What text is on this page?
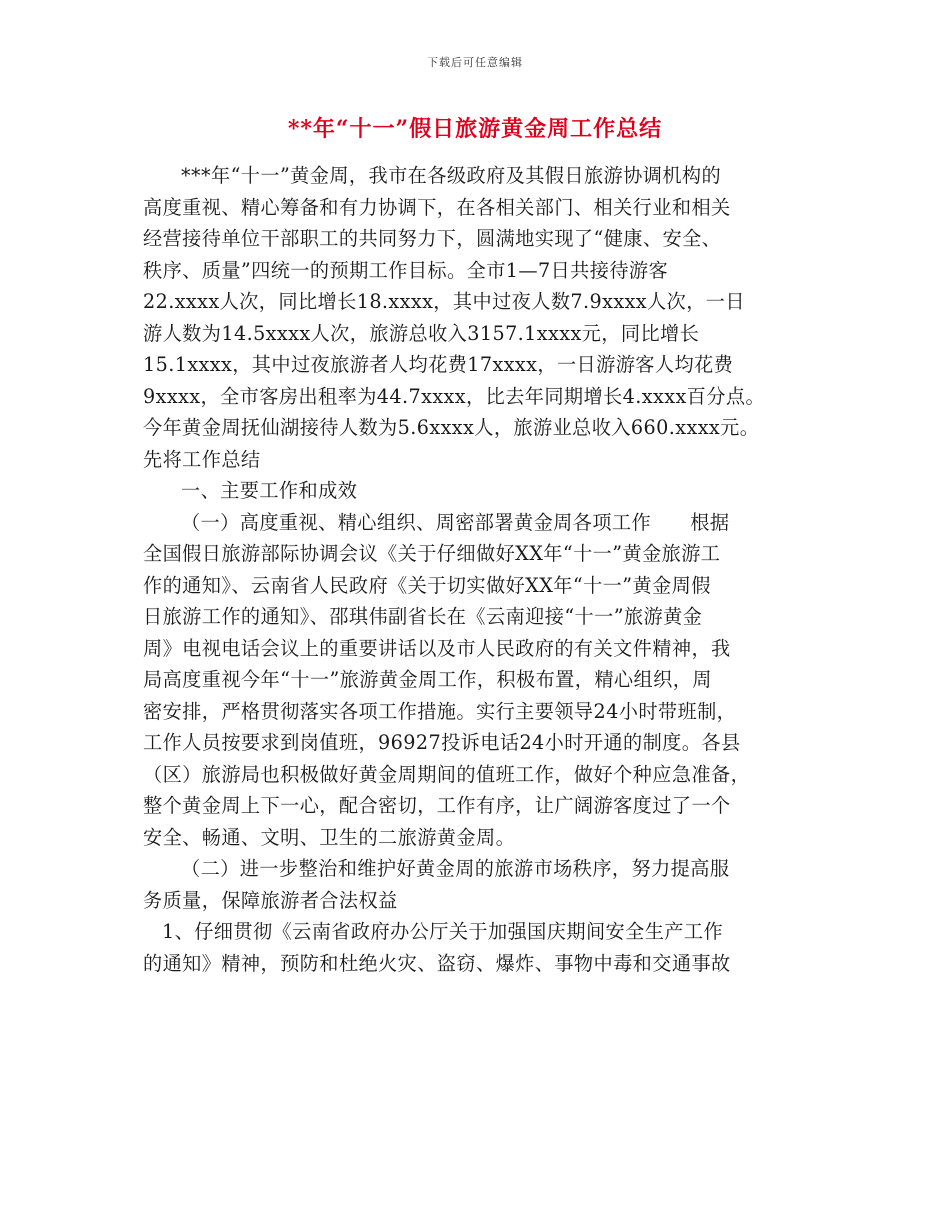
下载后可任意编辑
**年“十一”假日旅游黄金周工作总结
***年“十一”黄金周，我市在各级政府及其假日旅游协调机构的
高度重视、精心筹备和有力协调下，在各相关部门、相关行业和相关
经营接待单位干部职工的共同努力下，圆满地实现了“健康、安全、
秩序、质量”四统一的预期工作目标。全市1—7日共接待游客
22.xxxx人次，同比增长18.xxxx，其中过夜人数7.9xxxx人次，一日
游人数为14.5xxxx人次，旅游总收入3157.1xxxx元，同比增长
15.1xxxx，其中过夜旅游者人均花费17xxxx，一日游游客人均花费
9xxxx，全市客房出租率为44.7xxxx，比去年同期增长4.xxxx百分点。
今年黄金周抚仙湖接待人数为5.6xxxx人，旅游业总收入660.xxxx元。
先将工作总结
一、主要工作和成效
（一）高度重视、精心组织、周密部署黄金周各项工作　　根据
全国假日旅游部际协调会议《关于仔细做好XX年“十一”黄金旅游工
作的通知》、云南省人民政府《关于切实做好XX年“十一”黄金周假
日旅游工作的通知》、邵琪伟副省长在《云南迎接“十一”旅游黄金
周》电视电话会议上的重要讲话以及市人民政府的有关文件精神，我
局高度重视今年“十一”旅游黄金周工作，积极布置，精心组织，周
密安排，严格贯彻落实各项工作措施。实行主要领导24小时带班制，
工作人员按要求到岗值班，96927投诉电话24小时开通的制度。各县
（区）旅游局也积极做好黄金周期间的值班工作，做好个种应急准备，
整个黄金周上下一心，配合密切，工作有序，让广阔游客度过了一个
安全、畅通、文明、卫生的二旅游黄金周。
（二）进一步整治和维护好黄金周的旅游市场秩序，努力提高服
务质量，保障旅游者合法权益
1、仔细贯彻《云南省政府办公厅关于加强国庆期间安全生产工作
的通知》精神，预防和杜绝火灾、盗窃、爆炸、事物中毒和交通事故
